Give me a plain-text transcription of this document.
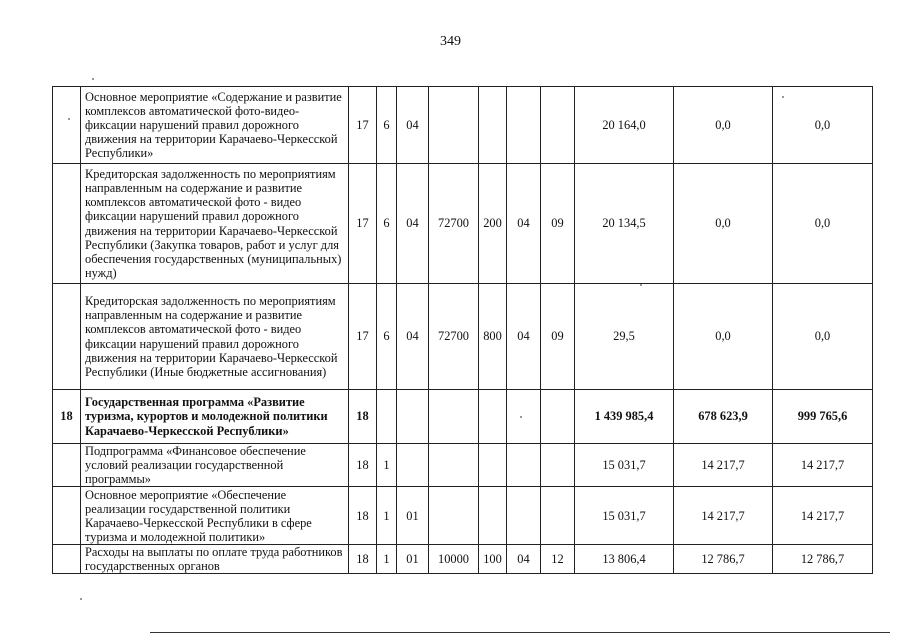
349
	Основное мероприятие «Содержание и развитие комплексов автоматической фото-видео-фиксации нарушений правил дорожного движения на территории Карачаево-Черкесской Республики»	17	6	04					20 164,0	0,0	0,0
	Кредиторская задолженность по мероприятиям направленным на содержание и развитие комплексов автоматической фото - видео фиксации нарушений правил дорожного движения на территории Карачаево-Черкесской Республики (Закупка товаров, работ и услуг для обеспечения государственных (муниципальных) нужд)	17	6	04	72700	200	04	09	20 134,5	0,0	0,0
	Кредиторская задолженность по мероприятиям направленным на содержание и развитие комплексов автоматической фото - видео фиксации нарушений правил дорожного движения на территории Карачаево-Черкесской Республики (Иные бюджетные ассигнования)	17	6	04	72700	800	04	09	29,5	0,0	0,0
18	Государственная программа «Развитие туризма, курортов и молодежной политики Карачаево-Черкесской Республики»	18							1 439 985,4	678 623,9	999 765,6
	Подпрограмма «Финансовое обеспечение условий реализации государственной программы»	18	1						15 031,7	14 217,7	14 217,7
	Основное мероприятие «Обеспечение реализации государственной политики Карачаево-Черкесской Республики в сфере туризма и молодежной политики»	18	1	01					15 031,7	14 217,7	14 217,7
	Расходы на выплаты по оплате труда работников государственных органов	18	1	01	10000	100	04	12	13 806,4	12 786,7	12 786,7
